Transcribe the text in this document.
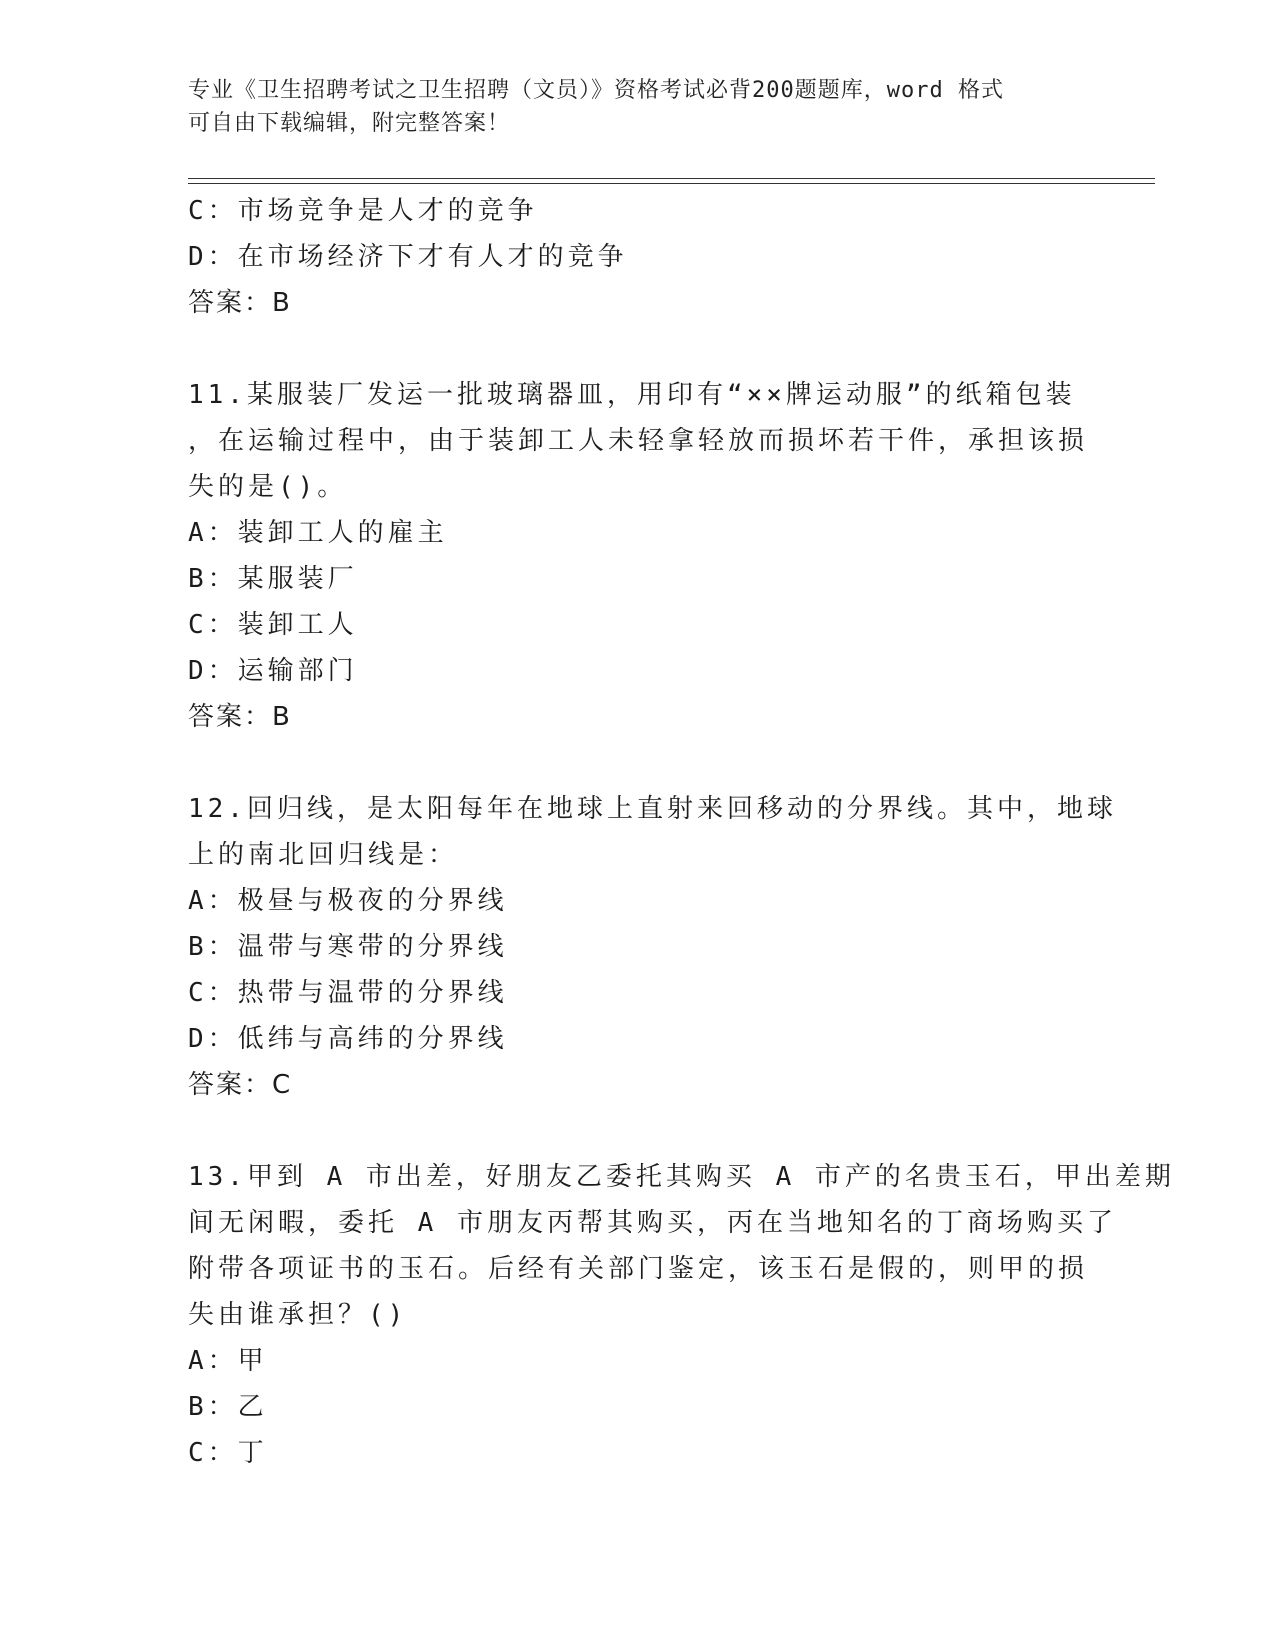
专业《卫生招聘考试之卫生招聘（文员）》资格考试必背200题题库，word 格式
可自由下载编辑，附完整答案！
C：市场竞争是人才的竞争
D：在市场经济下才有人才的竞争
答案：B
11.某服装厂发运一批玻璃器皿，用印有“××牌运动服”的纸箱包装
，在运输过程中，由于装卸工人未轻拿轻放而损坏若干件，承担该损
失的是()。
A：装卸工人的雇主
B：某服装厂
C：装卸工人
D：运输部门
答案：B
12.回归线，是太阳每年在地球上直射来回移动的分界线。其中，地球
上的南北回归线是：
A：极昼与极夜的分界线
B：温带与寒带的分界线
C：热带与温带的分界线
D：低纬与高纬的分界线
答案：C
13.甲到 A 市出差，好朋友乙委托其购买 A 市产的名贵玉石，甲出差期
间无闲暇，委托 A 市朋友丙帮其购买，丙在当地知名的丁商场购买了
附带各项证书的玉石。后经有关部门鉴定，该玉石是假的，则甲的损
失由谁承担？()
A：甲
B：乙
C：丁
